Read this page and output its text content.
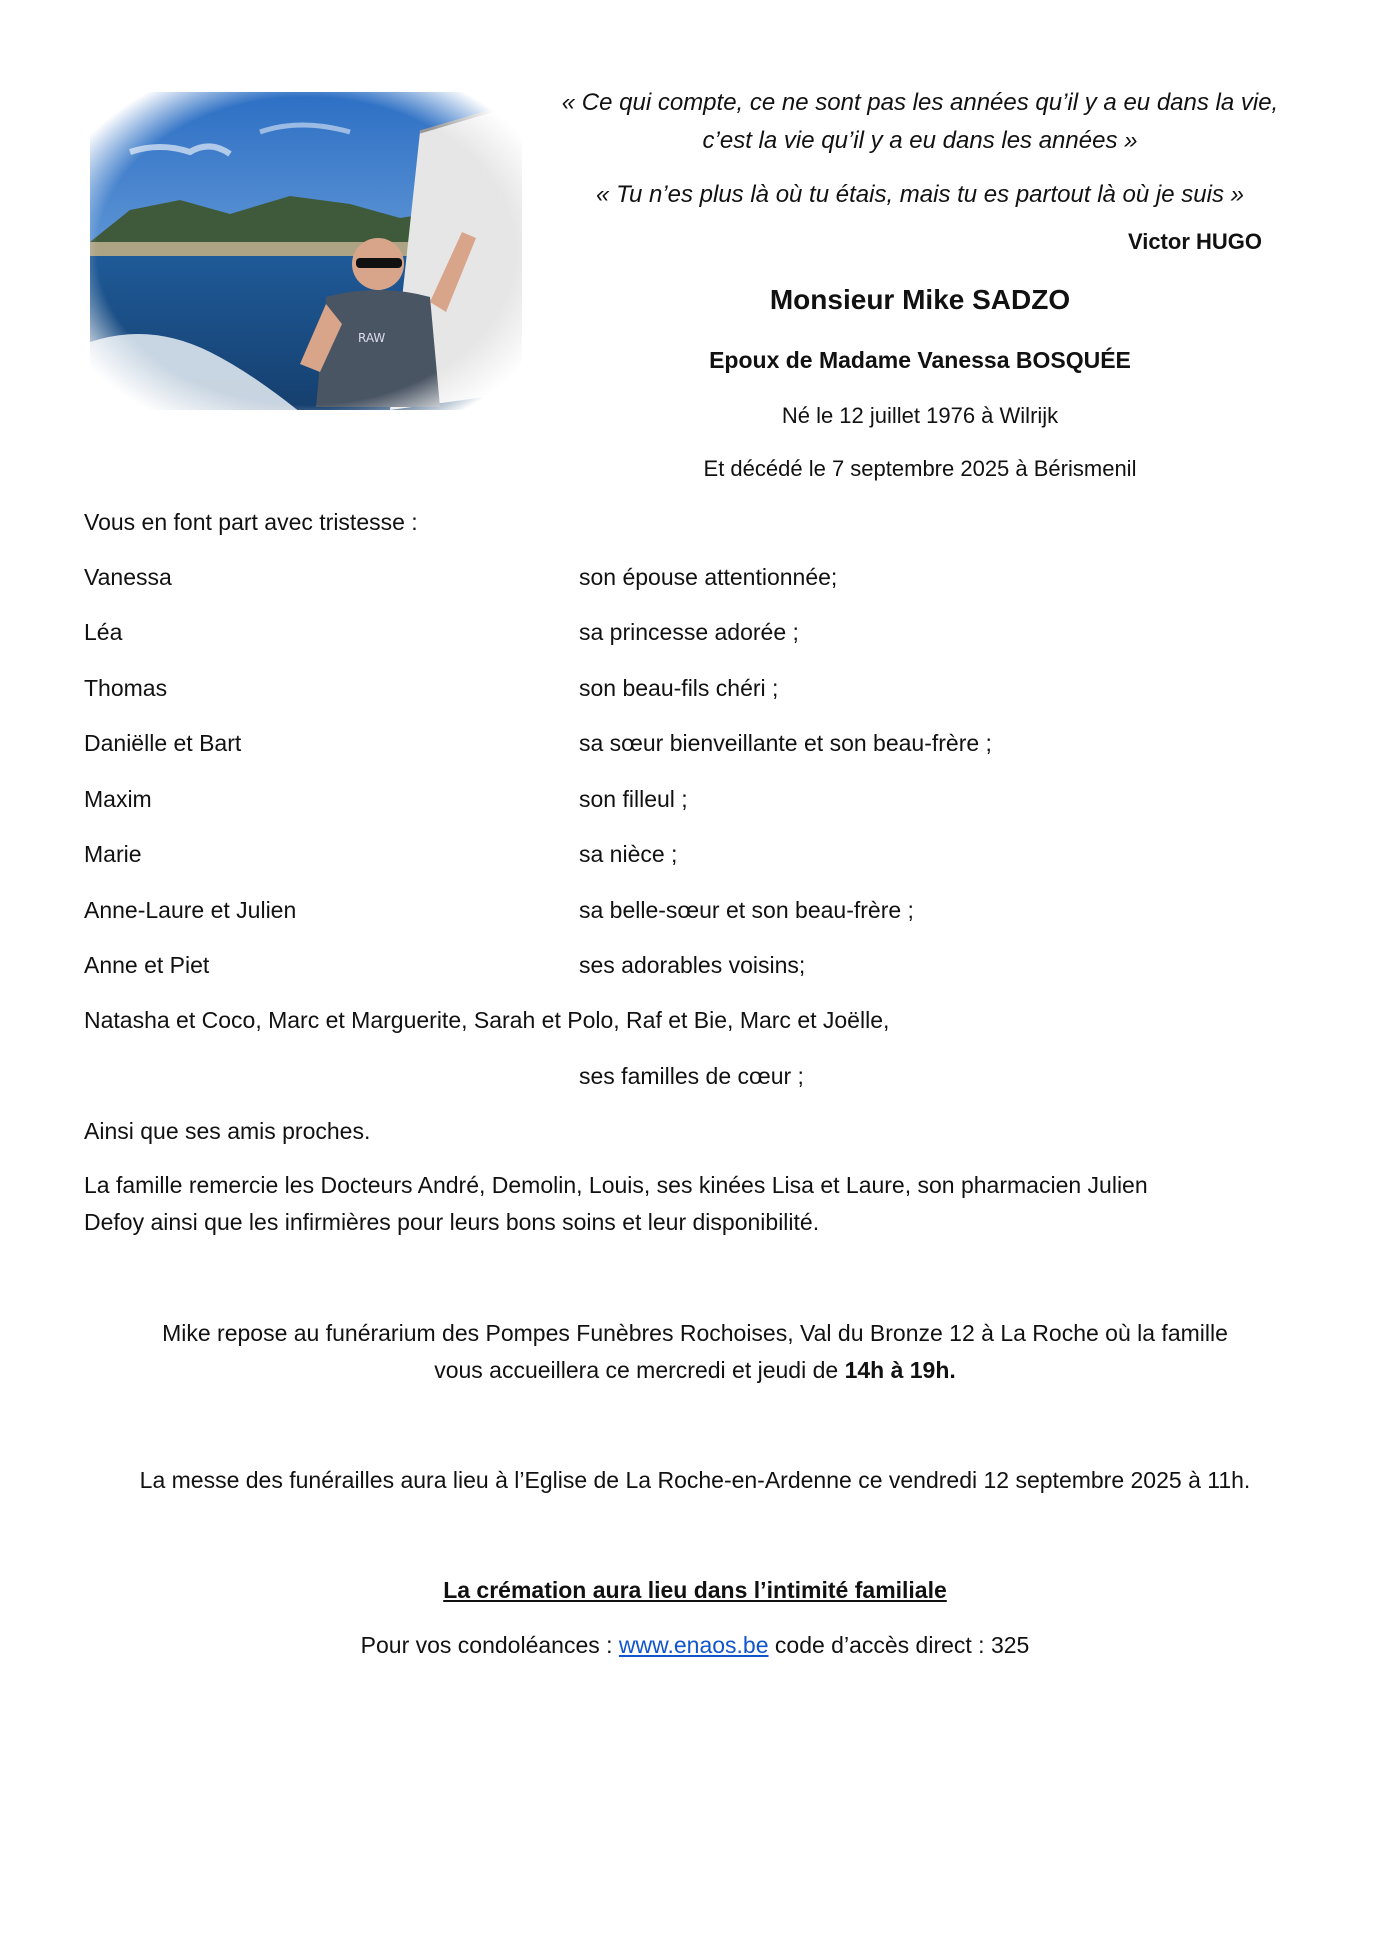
« Ce qui compte, ce ne sont pas les années qu’il y a eu dans la vie,
c’est la vie qu’il y a eu dans les années »
« Tu n’es plus là où tu étais, mais tu es partout là où je suis »
Victor HUGO
Monsieur Mike SADZO
Epoux de Madame Vanessa BOSQUÉE
Né le 12 juillet 1976 à Wilrijk
Et décédé le 7 septembre 2025 à Bérismenil
Vous en font part avec tristesse :
Vanessa	son épouse attentionnée;
Léa	sa princesse adorée ;
Thomas	son beau-fils chéri ;
Daniëlle et Bart	sa sœur bienveillante et son beau-frère ;
Maxim	son filleul ;
Marie	sa nièce ;
Anne-Laure et Julien	sa belle-sœur et son beau-frère ;
Anne et Piet	ses adorables voisins;
Natasha et Coco, Marc et Marguerite, Sarah et Polo, Raf et Bie, Marc et Joëlle,
ses familles de cœur ;
Ainsi que ses amis proches.
La famille remercie les Docteurs André, Demolin, Louis, ses kinées Lisa et Laure, son pharmacien Julien
Defoy ainsi que les infirmières pour leurs bons soins et leur disponibilité.
Mike repose au funérarium des Pompes Funèbres Rochoises, Val du Bronze 12 à La Roche où la famille
vous accueillera ce mercredi et jeudi de 14h à 19h.
La messe des funérailles aura lieu à l’Eglise de La Roche-en-Ardenne ce vendredi 12 septembre 2025 à 11h.
La crémation aura lieu dans l’intimité familiale
Pour vos condoléances : www.enaos.be code d’accès direct : 325
